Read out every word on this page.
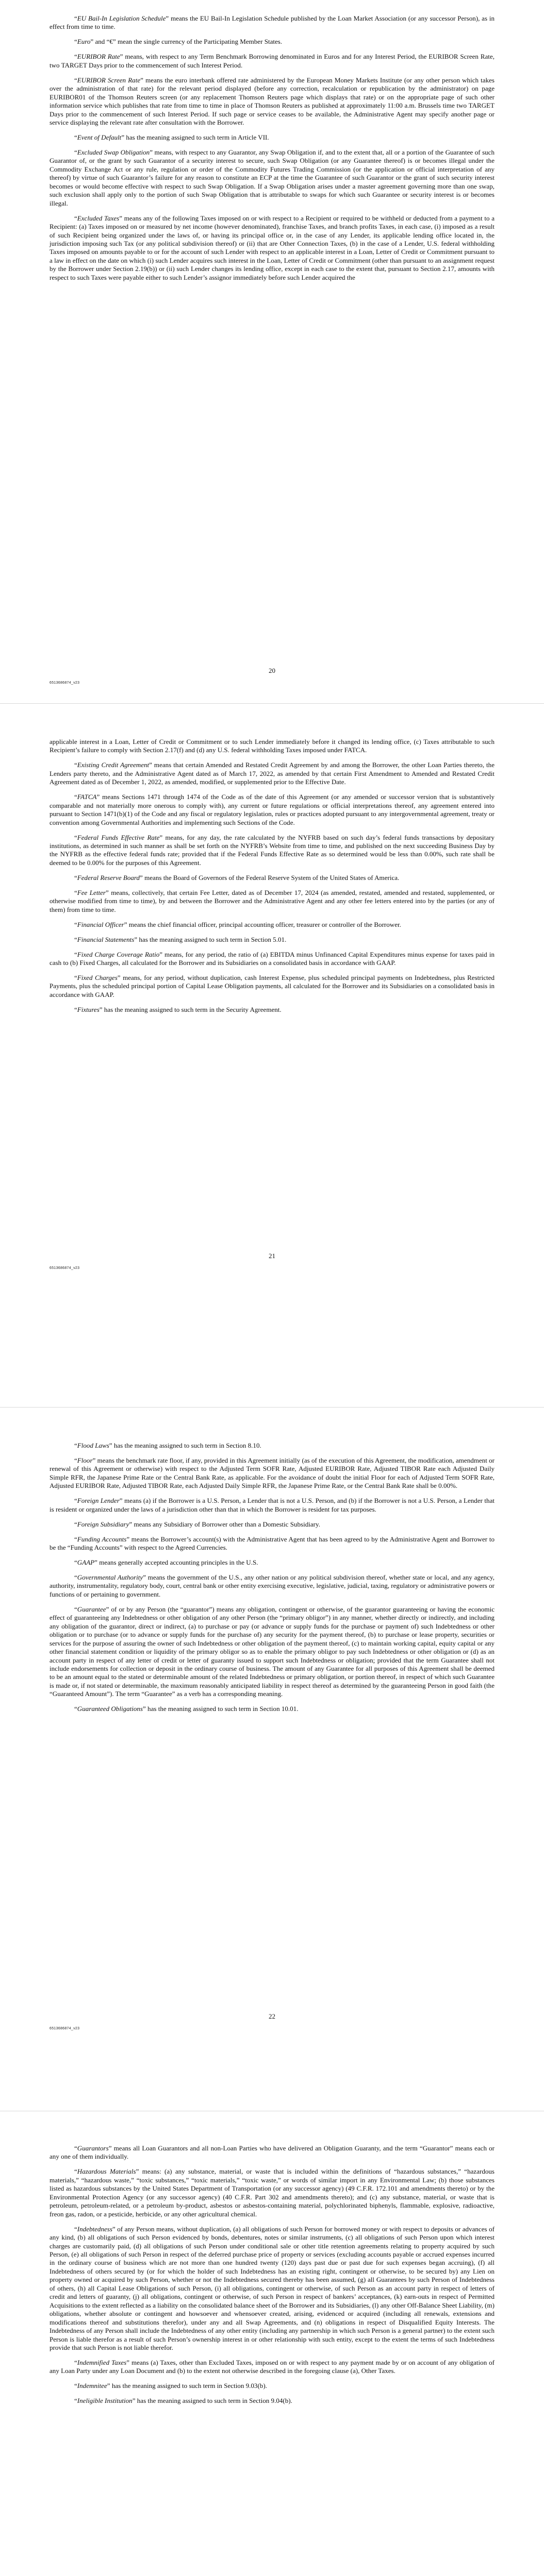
“EU Bail-In Legislation Schedule” means the EU Bail-In Legislation Schedule published by the Loan Market Association (or any successor Person), as in effect from time to time.

“Euro” and “€” mean the single currency of the Participating Member States.

“EURIBOR Rate” means, with respect to any Term Benchmark Borrowing denominated in Euros and for any Interest Period, the EURIBOR Screen Rate, two TARGET Days prior to the commencement of such Interest Period.

“EURIBOR Screen Rate” means the euro interbank offered rate administered by the European Money Markets Institute (or any other person which takes over the administration of that rate) for the relevant period displayed (before any correction, recalculation or republication by the administrator) on page EURIBOR01 of the Thomson Reuters screen (or any replacement Thomson Reuters page which displays that rate) or on the appropriate page of such other information service which publishes that rate from time to time in place of Thomson Reuters as published at approximately 11:00 a.m. Brussels time two TARGET Days prior to the commencement of such Interest Period. If such page or service ceases to be available, the Administrative Agent may specify another page or service displaying the relevant rate after consultation with the Borrower.

“Event of Default” has the meaning assigned to such term in Article VII.

“Excluded Swap Obligation” means, with respect to any Guarantor, any Swap Obligation if, and to the extent that, all or a portion of the Guarantee of such Guarantor of, or the grant by such Guarantor of a security interest to secure, such Swap Obligation (or any Guarantee thereof) is or becomes illegal under the Commodity Exchange Act or any rule, regulation or order of the Commodity Futures Trading Commission (or the application or official interpretation of any thereof) by virtue of such Guarantor’s failure for any reason to constitute an ECP at the time the Guarantee of such Guarantor or the grant of such security interest becomes or would become effective with respect to such Swap Obligation. If a Swap Obligation arises under a master agreement governing more than one swap, such exclusion shall apply only to the portion of such Swap Obligation that is attributable to swaps for which such Guarantee or security interest is or becomes illegal.

“Excluded Taxes” means any of the following Taxes imposed on or with respect to a Recipient or required to be withheld or deducted from a payment to a Recipient: (a) Taxes imposed on or measured by net income (however denominated), franchise Taxes, and branch profits Taxes, in each case, (i) imposed as a result of such Recipient being organized under the laws of, or having its principal office or, in the case of any Lender, its applicable lending office located in, the jurisdiction imposing such Tax (or any political subdivision thereof) or (ii) that are Other Connection Taxes, (b) in the case of a Lender, U.S. federal withholding Taxes imposed on amounts payable to or for the account of such Lender with respect to an applicable interest in a Loan, Letter of Credit or Commitment pursuant to a law in effect on the date on which (i) such Lender acquires such interest in the Loan, Letter of Credit or Commitment (other than pursuant to an assignment request by the Borrower under Section 2.19(b)) or (ii) such Lender changes its lending office, except in each case to the extent that, pursuant to Section 2.17, amounts with respect to such Taxes were payable either to such Lender’s assignor immediately before such Lender acquired the

20
6513686874_v23

applicable interest in a Loan, Letter of Credit or Commitment or to such Lender immediately before it changed its lending office, (c) Taxes attributable to such Recipient’s failure to comply with Section 2.17(f) and (d) any U.S. federal withholding Taxes imposed under FATCA.

“Existing Credit Agreement” means that certain Amended and Restated Credit Agreement by and among the Borrower, the other Loan Parties thereto, the Lenders party thereto, and the Administrative Agent dated as of March 17, 2022, as amended by that certain First Amendment to Amended and Restated Credit Agreement dated as of December 1, 2022, as amended, modified, or supplemented prior to the Effective Date.

“FATCA” means Sections 1471 through 1474 of the Code as of the date of this Agreement (or any amended or successor version that is substantively comparable and not materially more onerous to comply with), any current or future regulations or official interpretations thereof, any agreement entered into pursuant to Section 1471(b)(1) of the Code and any fiscal or regulatory legislation, rules or practices adopted pursuant to any intergovernmental agreement, treaty or convention among Governmental Authorities and implementing such Sections of the Code.

“Federal Funds Effective Rate” means, for any day, the rate calculated by the NYFRB based on such day’s federal funds transactions by depositary institutions, as determined in such manner as shall be set forth on the NYFRB’s Website from time to time, and published on the next succeeding Business Day by the NYFRB as the effective federal funds rate; provided that if the Federal Funds Effective Rate as so determined would be less than 0.00%, such rate shall be deemed to be 0.00% for the purposes of this Agreement.

“Federal Reserve Board” means the Board of Governors of the Federal Reserve System of the United States of America.

“Fee Letter” means, collectively, that certain Fee Letter, dated as of December 17, 2024 (as amended, restated, amended and restated, supplemented, or otherwise modified from time to time), by and between the Borrower and the Administrative Agent and any other fee letters entered into by the parties (or any of them) from time to time.

“Financial Officer” means the chief financial officer, principal accounting officer, treasurer or controller of the Borrower.

“Financial Statements” has the meaning assigned to such term in Section 5.01.

“Fixed Charge Coverage Ratio” means, for any period, the ratio of (a) EBITDA minus Unfinanced Capital Expenditures minus expense for taxes paid in cash to (b) Fixed Charges, all calculated for the Borrower and its Subsidiaries on a consolidated basis in accordance with GAAP.

“Fixed Charges” means, for any period, without duplication, cash Interest Expense, plus scheduled principal payments on Indebtedness, plus Restricted Payments, plus the scheduled principal portion of Capital Lease Obligation payments, all calculated for the Borrower and its Subsidiaries on a consolidated basis in accordance with GAAP.

“Fixtures” has the meaning assigned to such term in the Security Agreement.

21
6513686874_v23

“Flood Laws” has the meaning assigned to such term in Section 8.10.

“Floor” means the benchmark rate floor, if any, provided in this Agreement initially (as of the execution of this Agreement, the modification, amendment or renewal of this Agreement or otherwise) with respect to the Adjusted Term SOFR Rate, Adjusted EURIBOR Rate, Adjusted TIBOR Rate each Adjusted Daily Simple RFR, the Japanese Prime Rate or the Central Bank Rate, as applicable. For the avoidance of doubt the initial Floor for each of Adjusted Term SOFR Rate, Adjusted EURIBOR Rate, Adjusted TIBOR Rate, each Adjusted Daily Simple RFR, the Japanese Prime Rate, or the Central Bank Rate shall be 0.00%.

“Foreign Lender” means (a) if the Borrower is a U.S. Person, a Lender that is not a U.S. Person, and (b) if the Borrower is not a U.S. Person, a Lender that is resident or organized under the laws of a jurisdiction other than that in which the Borrower is resident for tax purposes.

“Foreign Subsidiary” means any Subsidiary of Borrower other than a Domestic Subsidiary.

“Funding Accounts” means the Borrower’s account(s) with the Administrative Agent that has been agreed to by the Administrative Agent and Borrower to be the “Funding Accounts” with respect to the Agreed Currencies.

“GAAP” means generally accepted accounting principles in the U.S.

“Governmental Authority” means the government of the U.S., any other nation or any political subdivision thereof, whether state or local, and any agency, authority, instrumentality, regulatory body, court, central bank or other entity exercising executive, legislative, judicial, taxing, regulatory or administrative powers or functions of or pertaining to government.

“Guarantee” of or by any Person (the “guarantor”) means any obligation, contingent or otherwise, of the guarantor guaranteeing or having the economic effect of guaranteeing any Indebtedness or other obligation of any other Person (the “primary obligor”) in any manner, whether directly or indirectly, and including any obligation of the guarantor, direct or indirect, (a) to purchase or pay (or advance or supply funds for the purchase or payment of) such Indebtedness or other obligation or to purchase (or to advance or supply funds for the purchase of) any security for the payment thereof, (b) to purchase or lease property, securities or services for the purpose of assuring the owner of such Indebtedness or other obligation of the payment thereof, (c) to maintain working capital, equity capital or any other financial statement condition or liquidity of the primary obligor so as to enable the primary obligor to pay such Indebtedness or other obligation or (d) as an account party in respect of any letter of credit or letter of guaranty issued to support such Indebtedness or obligation; provided that the term Guarantee shall not include endorsements for collection or deposit in the ordinary course of business. The amount of any Guarantee for all purposes of this Agreement shall be deemed to be an amount equal to the stated or determinable amount of the related Indebtedness or primary obligation, or portion thereof, in respect of which such Guarantee is made or, if not stated or determinable, the maximum reasonably anticipated liability in respect thereof as determined by the guaranteeing Person in good faith (the “Guaranteed Amount”). The term “Guarantee” as a verb has a corresponding meaning.

“Guaranteed Obligations” has the meaning assigned to such term in Section 10.01.

22
6513686874_v23

“Guarantors” means all Loan Guarantors and all non-Loan Parties who have delivered an Obligation Guaranty, and the term “Guarantor” means each or any one of them individually.

“Hazardous Materials” means: (a) any substance, material, or waste that is included within the definitions of “hazardous substances,” “hazardous materials,” “hazardous waste,” “toxic substances,” “toxic materials,” “toxic waste,” or words of similar import in any Environmental Law; (b) those substances listed as hazardous substances by the United States Department of Transportation (or any successor agency) (49 C.F.R. 172.101 and amendments thereto) or by the Environmental Protection Agency (or any successor agency) (40 C.F.R. Part 302 and amendments thereto); and (c) any substance, material, or waste that is petroleum, petroleum-related, or a petroleum by-product, asbestos or asbestos-containing material, polychlorinated biphenyls, flammable, explosive, radioactive, freon gas, radon, or a pesticide, herbicide, or any other agricultural chemical.

“Indebtedness” of any Person means, without duplication, (a) all obligations of such Person for borrowed money or with respect to deposits or advances of any kind, (b) all obligations of such Person evidenced by bonds, debentures, notes or similar instruments, (c) all obligations of such Person upon which interest charges are customarily paid, (d) all obligations of such Person under conditional sale or other title retention agreements relating to property acquired by such Person, (e) all obligations of such Person in respect of the deferred purchase price of property or services (excluding accounts payable or accrued expenses incurred in the ordinary course of business which are not more than one hundred twenty (120) days past due or past due for such expenses began accruing), (f) all Indebtedness of others secured by (or for which the holder of such Indebtedness has an existing right, contingent or otherwise, to be secured by) any Lien on property owned or acquired by such Person, whether or not the Indebtedness secured thereby has been assumed, (g) all Guarantees by such Person of Indebtedness of others, (h) all Capital Lease Obligations of such Person, (i) all obligations, contingent or otherwise, of such Person as an account party in respect of letters of credit and letters of guaranty, (j) all obligations, contingent or otherwise, of such Person in respect of bankers’ acceptances, (k) earn-outs in respect of Permitted Acquisitions to the extent reflected as a liability on the consolidated balance sheet of the Borrower and its Subsidiaries, (l) any other Off-Balance Sheet Liability, (m) obligations, whether absolute or contingent and howsoever and whensoever created, arising, evidenced or acquired (including all renewals, extensions and modifications thereof and substitutions therefor), under any and all Swap Agreements, and (n) obligations in respect of Disqualified Equity Interests. The Indebtedness of any Person shall include the Indebtedness of any other entity (including any partnership in which such Person is a general partner) to the extent such Person is liable therefor as a result of such Person’s ownership interest in or other relationship with such entity, except to the extent the terms of such Indebtedness provide that such Person is not liable therefor.

“Indemnified Taxes” means (a) Taxes, other than Excluded Taxes, imposed on or with respect to any payment made by or on account of any obligation of any Loan Party under any Loan Document and (b) to the extent not otherwise described in the foregoing clause (a), Other Taxes.

“Indemnitee” has the meaning assigned to such term in Section 9.03(b).

“Ineligible Institution” has the meaning assigned to such term in Section 9.04(b).
